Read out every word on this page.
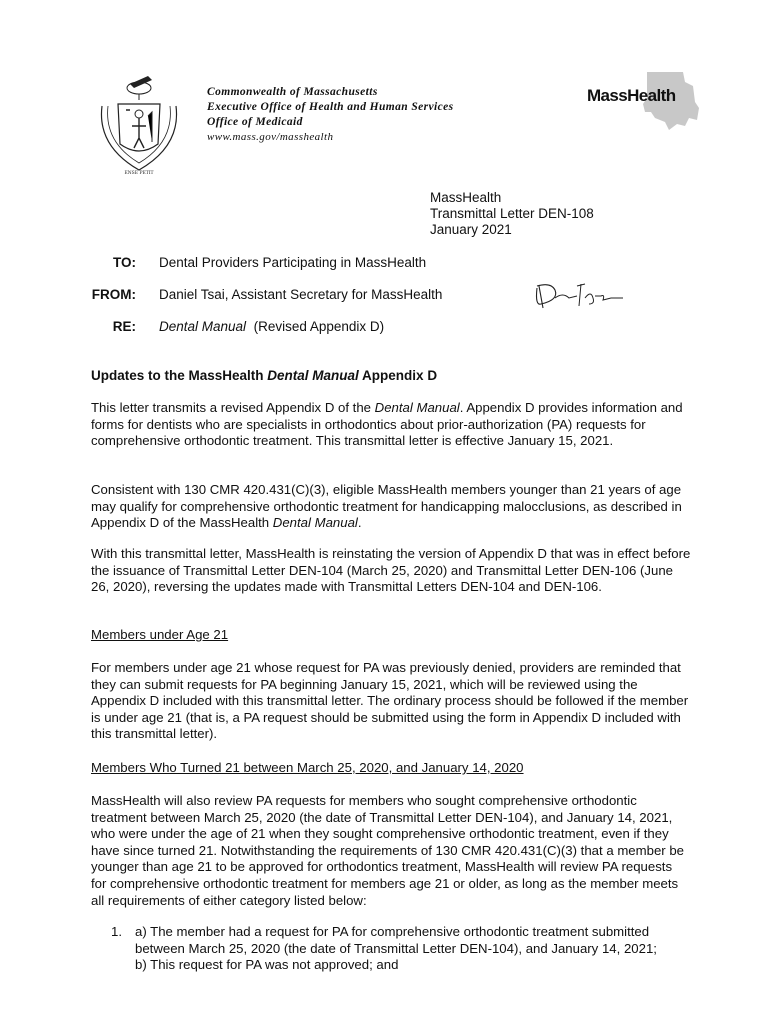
ENSE PETIT
Commonwealth of Massachusetts
Executive Office of Health and Human Services
Office of Medicaid
www.mass.gov/masshealth
MassHealth
MassHealth
Transmittal Letter DEN-108
January 2021
TO: Dental Providers Participating in MassHealth
FROM: Daniel Tsai, Assistant Secretary for MassHealth
RE: Dental Manual (Revised Appendix D)
Updates to the MassHealth Dental Manual Appendix D

This letter transmits a revised Appendix D of the Dental Manual. Appendix D provides information and forms for dentists who are specialists in orthodontics about prior-authorization (PA) requests for comprehensive orthodontic treatment. This transmittal letter is effective January 15, 2021.

Consistent with 130 CMR 420.431(C)(3), eligible MassHealth members younger than 21 years of age may qualify for comprehensive orthodontic treatment for handicapping malocclusions, as described in Appendix D of the MassHealth Dental Manual.

With this transmittal letter, MassHealth is reinstating the version of Appendix D that was in effect before the issuance of Transmittal Letter DEN-104 (March 25, 2020) and Transmittal Letter DEN-106 (June 26, 2020), reversing the updates made with Transmittal Letters DEN-104 and DEN-106.

Members under Age 21

For members under age 21 whose request for PA was previously denied, providers are reminded that they can submit requests for PA beginning January 15, 2021, which will be reviewed using the Appendix D included with this transmittal letter. The ordinary process should be followed if the member is under age 21 (that is, a PA request should be submitted using the form in Appendix D included with this transmittal letter).

Members Who Turned 21 between March 25, 2020, and January 14, 2020

MassHealth will also review PA requests for members who sought comprehensive orthodontic treatment between March 25, 2020 (the date of Transmittal Letter DEN-104), and January 14, 2021, who were under the age of 21 when they sought comprehensive orthodontic treatment, even if they have since turned 21. Notwithstanding the requirements of 130 CMR 420.431(C)(3) that a member be younger than age 21 to be approved for orthodontics treatment, MassHealth will review PA requests for comprehensive orthodontic treatment for members age 21 or older, as long as the member meets all requirements of either category listed below:

1. a) The member had a request for PA for comprehensive orthodontic treatment submitted between March 25, 2020 (the date of Transmittal Letter DEN-104), and January 14, 2021;
b) This request for PA was not approved; and
